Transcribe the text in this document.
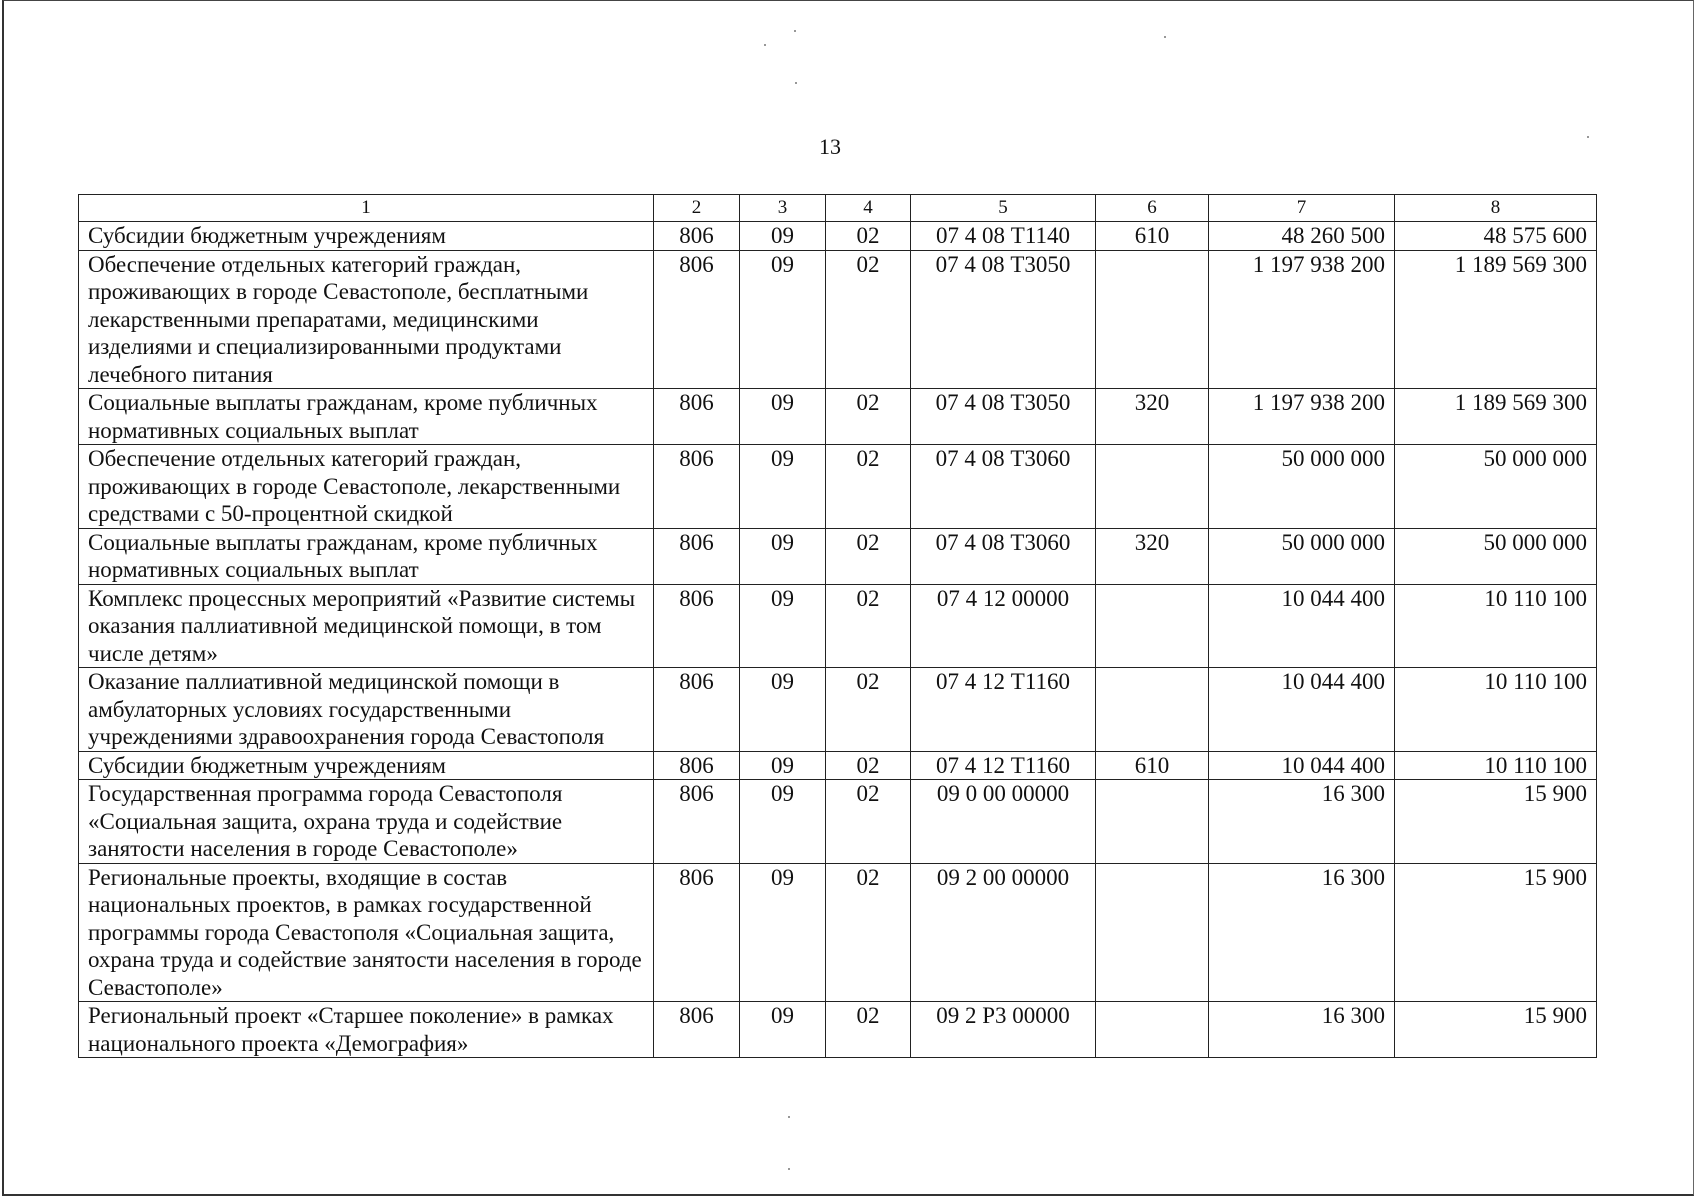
13
1	2	3	4	5	6	7	8
Субсидии бюджетным учреждениям	806	09	02	07 4 08 Т1140	610	48 260 500	48 575 600
Обеспечение отдельных категорий граждан, проживающих в городе Севастополе, бесплатными лекарственными препаратами, медицинскими изделиями и специализированными продуктами лечебного питания	806	09	02	07 4 08 Т3050		1 197 938 200	1 189 569 300
Социальные выплаты гражданам, кроме публичных нормативных социальных выплат	806	09	02	07 4 08 Т3050	320	1 197 938 200	1 189 569 300
Обеспечение отдельных категорий граждан, проживающих в городе Севастополе, лекарственными средствами с 50-процентной скидкой	806	09	02	07 4 08 Т3060		50 000 000	50 000 000
Социальные выплаты гражданам, кроме публичных нормативных социальных выплат	806	09	02	07 4 08 Т3060	320	50 000 000	50 000 000
Комплекс процессных мероприятий «Развитие системы оказания паллиативной медицинской помощи, в том числе детям»	806	09	02	07 4 12 00000		10 044 400	10 110 100
Оказание паллиативной медицинской помощи в амбулаторных условиях государственными учреждениями здравоохранения города Севастополя	806	09	02	07 4 12 Т1160		10 044 400	10 110 100
Субсидии бюджетным учреждениям	806	09	02	07 4 12 Т1160	610	10 044 400	10 110 100
Государственная программа города Севастополя «Социальная защита, охрана труда и содействие занятости населения в городе Севастополе»	806	09	02	09 0 00 00000		16 300	15 900
Региональные проекты, входящие в состав национальных проектов, в рамках государственной программы города Севастополя «Социальная защита, охрана труда и содействие занятости населения в городе Севастополе»	806	09	02	09 2 00 00000		16 300	15 900
Региональный проект «Старшее поколение» в рамках национального проекта «Демография»	806	09	02	09 2 Р3 00000		16 300	15 900
